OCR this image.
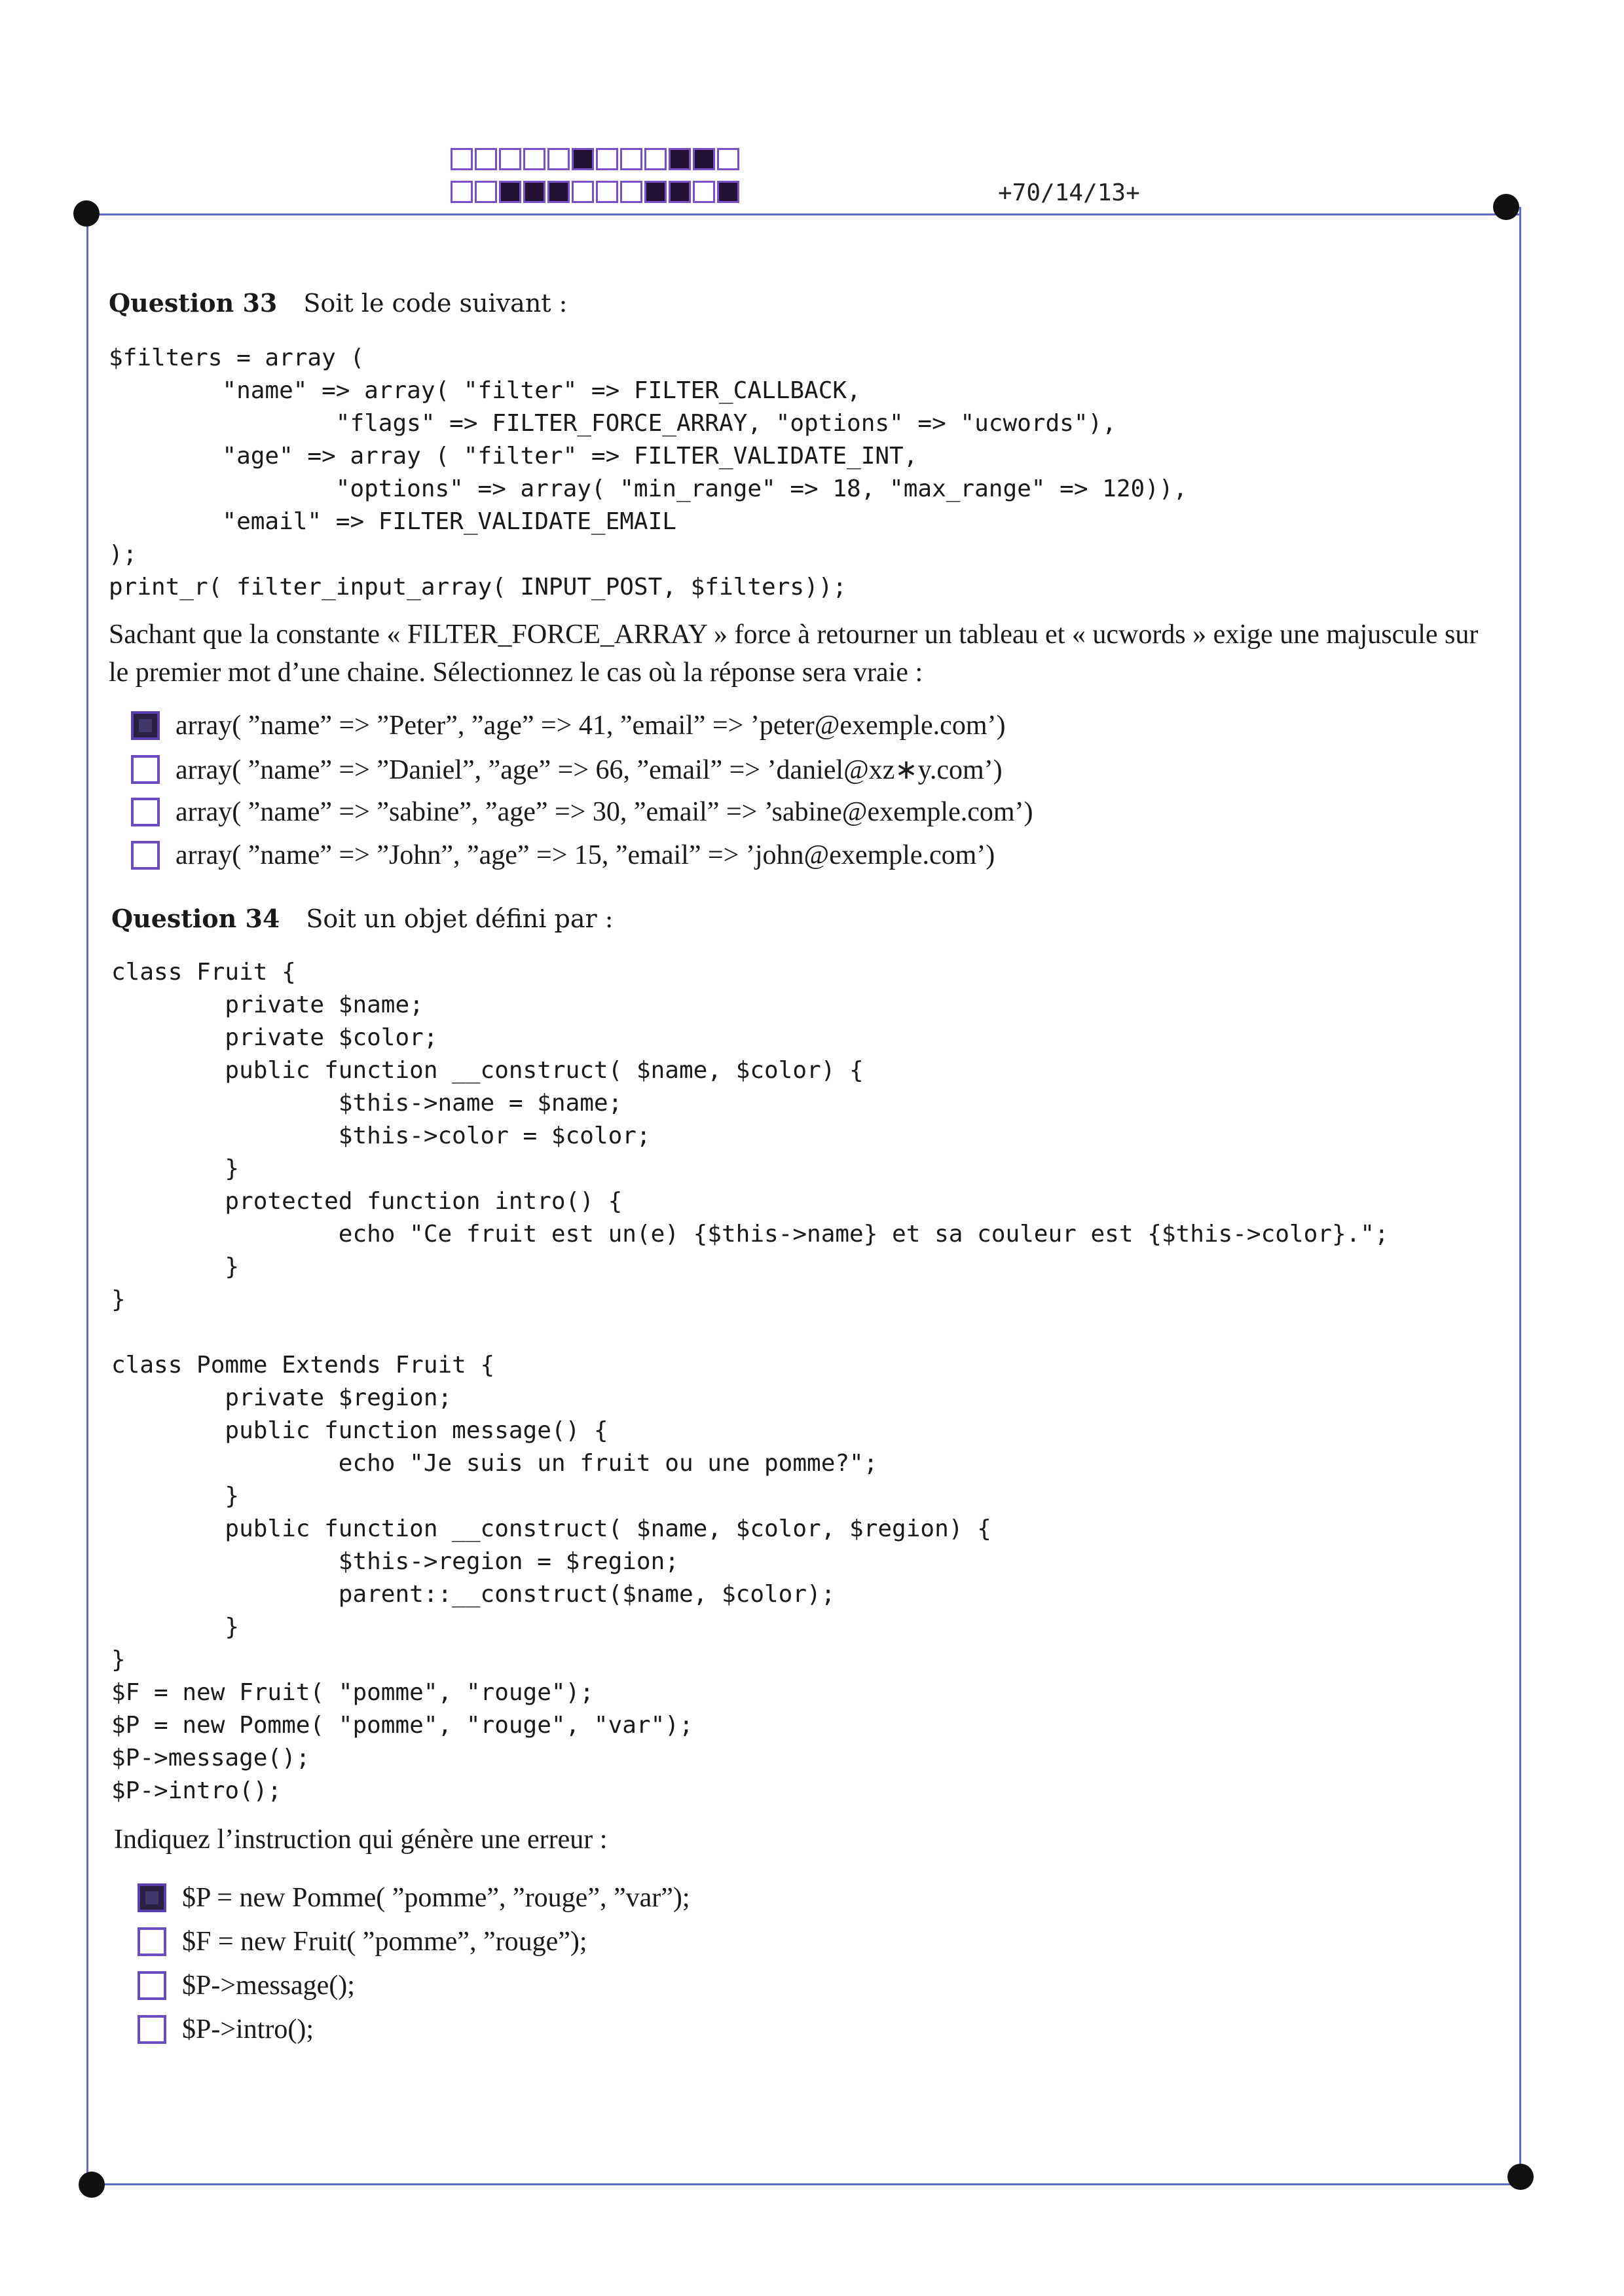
+70/14/13+
Question 33 Soit le code suivant :
$filters = array (
"name" => array( "filter" => FILTER_CALLBACK,
"flags" => FILTER_FORCE_ARRAY, "options" => "ucwords"),
"age" => array ( "filter" => FILTER_VALIDATE_INT,
"options" => array( "min_range" => 18, "max_range" => 120)),
"email" => FILTER_VALIDATE_EMAIL
);
print_r( filter_input_array( INPUT_POST, $filters));
Sachant que la constante « FILTER_FORCE_ARRAY » force à retourner un tableau et « ucwords » exige une majuscule sur le premier mot d’une chaine. Sélectionnez le cas où la réponse sera vraie :
array( ”name” => ”Peter”, ”age” => 41, ”email” => ’peter@exemple.com’)
array( ”name” => ”Daniel”, ”age” => 66, ”email” => ’daniel@xz∗y.com’)
array( ”name” => ”sabine”, ”age” => 30, ”email” => ’sabine@exemple.com’)
array( ”name” => ”John”, ”age” => 15, ”email” => ’john@exemple.com’)
Question 34 Soit un objet défini par :
class Fruit {
private $name;
private $color;
public function __construct( $name, $color) {
$this->name = $name;
$this->color = $color;
}
protected function intro() {
echo "Ce fruit est un(e) {$this->name} et sa couleur est {$this->color}.";
}
}
class Pomme Extends Fruit {
private $region;
public function message() {
echo "Je suis un fruit ou une pomme?";
}
public function __construct( $name, $color, $region) {
$this->region = $region;
parent::__construct($name, $color);
}
}
$F = new Fruit( "pomme", "rouge");
$P = new Pomme( "pomme", "rouge", "var");
$P->message();
$P->intro();
Indiquez l’instruction qui génère une erreur :
$P = new Pomme( ”pomme”, ”rouge”, ”var”);
$F = new Fruit( ”pomme”, ”rouge”);
$P->message();
$P->intro();
